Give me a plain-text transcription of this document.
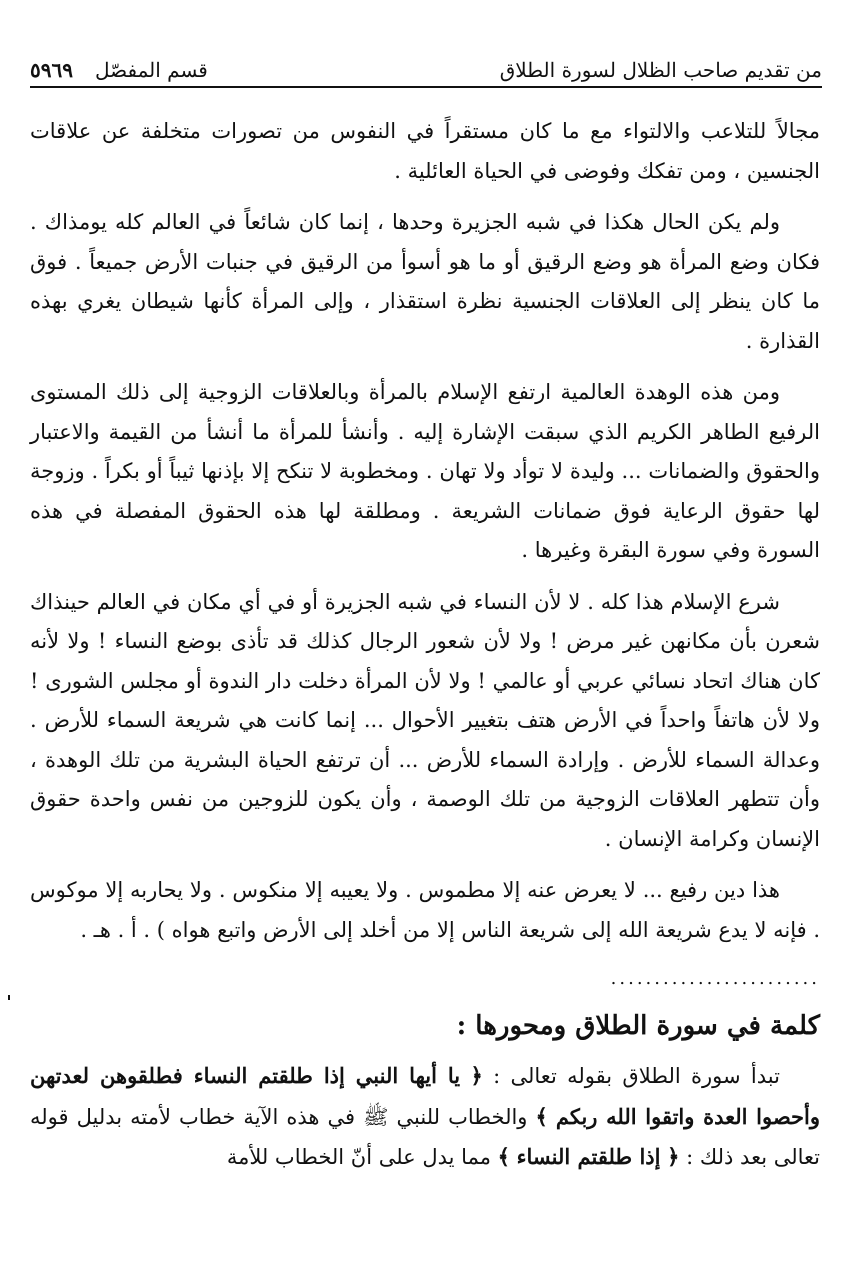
من تقديم صاحب الظلال لسورة الطلاق
قسم المفصّل٥٩٦٩

مجالاً للتلاعب والالتواء مع ما كان مستقراً في النفوس من تصورات متخلفة عن علاقات الجنسين ، ومن تفكك وفوضى في الحياة العائلية .

ولم يكن الحال هكذا في شبه الجزيرة وحدها ، إنما كان شائعاً في العالم كله يومذاك . فكان وضع المرأة هو وضع الرقيق أو ما هو أسوأ من الرقيق في جنبات الأرض جميعاً . فوق ما كان ينظر إلى العلاقات الجنسية نظرة استقذار ، وإلى المرأة كأنها شيطان يغري بهذه القذارة .

ومن هذه الوهدة العالمية ارتفع الإسلام بالمرأة وبالعلاقات الزوجية إلى ذلك المستوى الرفيع الطاهر الكريم الذي سبقت الإشارة إليه . وأنشأ للمرأة ما أنشأ من القيمة والاعتبار والحقوق والضمانات ... وليدة لا توأد ولا تهان . ومخطوبة لا تنكح إلا بإذنها ثيباً أو بكراً . وزوجة لها حقوق الرعاية فوق ضمانات الشريعة . ومطلقة لها هذه الحقوق المفصلة في هذه السورة وفي سورة البقرة وغيرها .

شرع الإسلام هذا كله . لا لأن النساء في شبه الجزيرة أو في أي مكان في العالم حينذاك شعرن بأن مكانهن غير مرض ! ولا لأن شعور الرجال كذلك قد تأذى بوضع النساء ! ولا لأنه كان هناك اتحاد نسائي عربي أو عالمي ! ولا لأن المرأة دخلت دار الندوة أو مجلس الشورى ! ولا لأن هاتفاً واحداً في الأرض هتف بتغيير الأحوال ... إنما كانت هي شريعة السماء للأرض . وعدالة السماء للأرض . وإرادة السماء للأرض ... أن ترتفع الحياة البشرية من تلك الوهدة ، وأن تتطهر العلاقات الزوجية من تلك الوصمة ، وأن يكون للزوجين من نفس واحدة حقوق الإنسان وكرامة الإنسان .

هذا دين رفيع ... لا يعرض عنه إلا مطموس . ولا يعيبه إلا منكوس . ولا يحاربه إلا موكوس . فإنه لا يدع شريعة الله إلى شريعة الناس إلا من أخلد إلى الأرض واتبع هواه ) . أ . هـ .

........................
كلمة في سورة الطلاق ومحورها :

تبدأ سورة الطلاق بقوله تعالى : ﴿ يا أيها النبي إذا طلقتم النساء فطلقوهن لعدتهن وأحصوا العدة واتقوا الله ربكم ﴾ والخطاب للنبي ﷺ في هذه الآية خطاب لأمته بدليل قوله تعالى بعد ذلك : ﴿ إذا طلقتم النساء ﴾ مما يدل على أنّ الخطاب للأمة
